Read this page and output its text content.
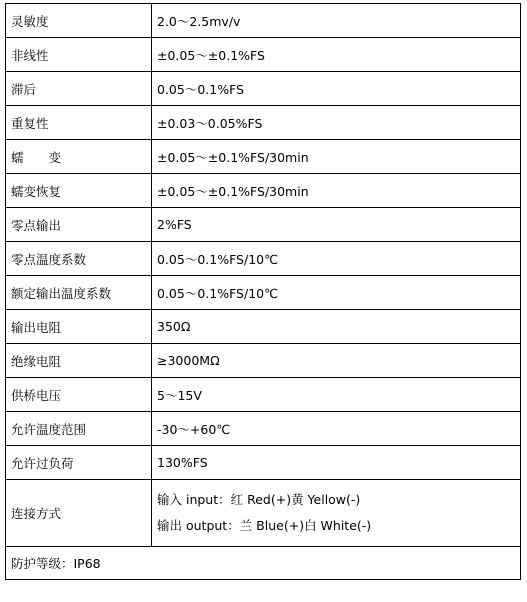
灵敏度	2.0～2.5mv/v
非线性	±0.05～±0.1%FS
滞后	0.05～0.1%FS
重复性	±0.03～0.05%FS
蠕　　变	±0.05～±0.1%FS/30min
蠕变恢复	±0.05～±0.1%FS/30min
零点输出	2%FS
零点温度系数	0.05～0.1%FS/10℃
额定输出温度系数	0.05～0.1%FS/10℃
输出电阻	350Ω
绝缘电阻	≥3000MΩ
供桥电压	5～15V
允许温度范围	-30～+60℃
允许过负荷	130%FS
连接方式	输入 input：红 Red(+)黄 Yellow(-)
输出 output：兰 Blue(+)白 White(-)

防护等级：IP68	
